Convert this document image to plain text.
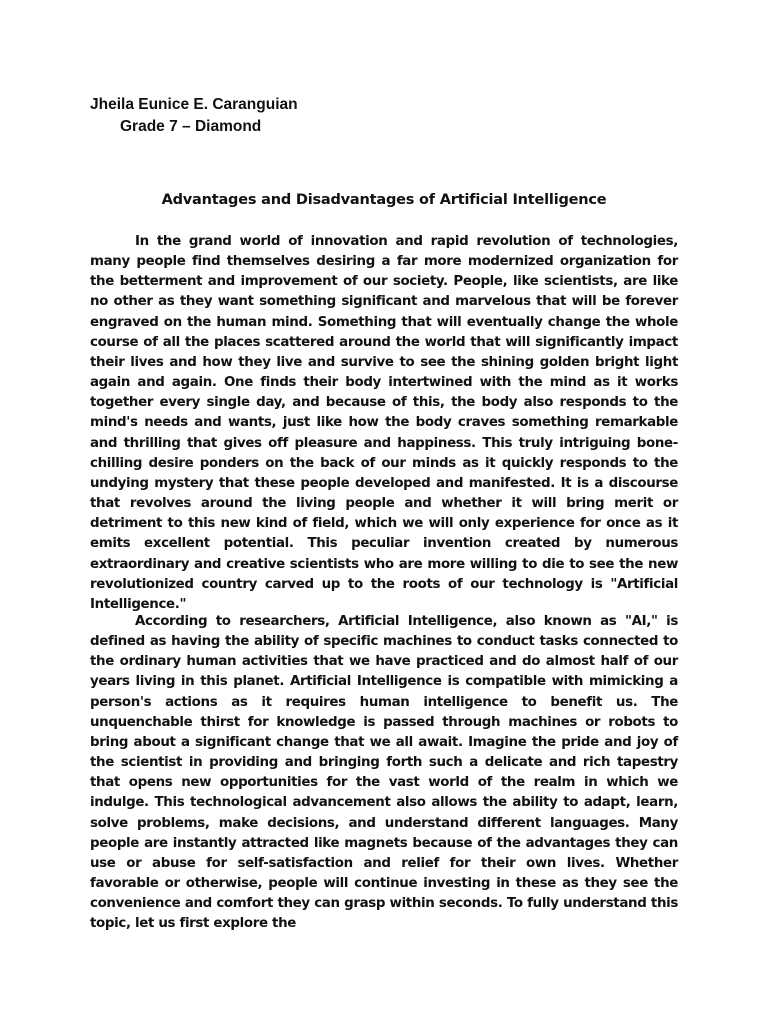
Jheila Eunice E. Caranguian
Grade 7 – Diamond
Advantages and Disadvantages of Artificial Intelligence

In the grand world of innovation and rapid revolution of technologies, many people find themselves desiring a far more modernized organization for the betterment and improvement of our society. People, like scientists, are like no other as they want something significant and marvelous that will be forever engraved on the human mind. Something that will eventually change the whole course of all the places scattered around the world that will significantly impact their lives and how they live and survive to see the shining golden bright light again and again. One finds their body intertwined with the mind as it works together every single day, and because of this, the body also responds to the mind's needs and wants, just like how the body craves something remarkable and thrilling that gives off pleasure and happiness. This truly intriguing bone-chilling desire ponders on the back of our minds as it quickly responds to the undying mystery that these people developed and manifested. It is a discourse that revolves around the living people and whether it will bring merit or detriment to this new kind of field, which we will only experience for once as it emits excellent potential. This peculiar invention created by numerous extraordinary and creative scientists who are more willing to die to see the new revolutionized country carved up to the roots of our technology is "Artificial Intelligence."

According to researchers, Artificial Intelligence, also known as "AI," is defined as having the ability of specific machines to conduct tasks connected to the ordinary human activities that we have practiced and do almost half of our years living in this planet. Artificial Intelligence is compatible with mimicking a person's actions as it requires human intelligence to benefit us. The unquenchable thirst for knowledge is passed through machines or robots to bring about a significant change that we all await. Imagine the pride and joy of the scientist in providing and bringing forth such a delicate and rich tapestry that opens new opportunities for the vast world of the realm in which we indulge. This technological advancement also allows the ability to adapt, learn, solve problems, make decisions, and understand different languages. Many people are instantly attracted like magnets because of the advantages they can use or abuse for self-satisfaction and relief for their own lives. Whether favorable or otherwise, people will continue investing in these as they see the convenience and comfort they can grasp within seconds. To fully understand this topic, let us first explore the
